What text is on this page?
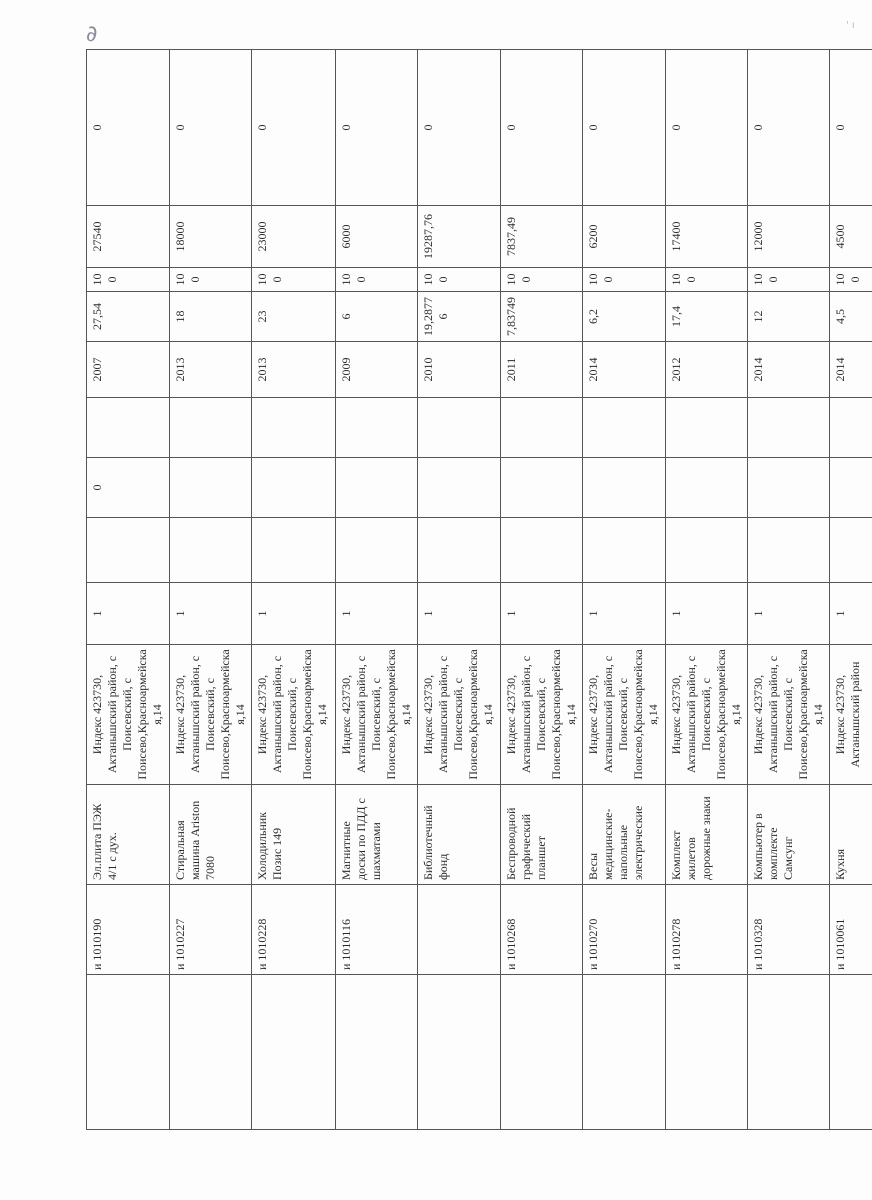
∂	' ı
	и 1010190	Эл.плита ПЭЖ 4/1 с дух.	Индекс 423730, Актанышский район, с Поисевский, с Поисево,Красноармейская,14	1		0		2007	27,54	100	27540	0
	и 1010227	Стиральная машина Ariston 7080	Индекс 423730, Актанышский район, с Поисевский, с Поисево,Красноармейская,14	1				2013	18	100	18000	0
	и 1010228	Холодильник Позис 149	Индекс 423730, Актанышский район, с Поисевский, с Поисево,Красноармейская,14	1				2013	23	100	23000	0
	и 1010116	Магнитные доски по ПДД с шахматами	Индекс 423730, Актанышский район, с Поисевский, с Поисево,Красноармейская,14	1				2009	6	100	6000	0
		Библиотечный фонд	Индекс 423730, Актанышский район, с Поисевский, с Поисево,Красноармейская,14	1				2010	19,28776	100	19287,76	0
	и 1010268	Беспроводной графический планшет	Индекс 423730, Актанышский район, с Поисевский, с Поисево,Красноармейская,14	1				2011	7,83749	100	7837,49	0
	и 1010270	Весы медицинские-напольные электрические	Индекс 423730, Актанышский район, с Поисевский, с Поисево,Красноармейская,14	1				2014	6,2	100	6200	0
	и 1010278	Комплект жилетов дорожные знаки	Индекс 423730, Актанышский район, с Поисевский, с Поисево,Красноармейская,14	1				2012	17,4	100	17400	0
	и 1010328	Компьютер в комплекте Самсунг	Индекс 423730, Актанышский район, с Поисевский, с Поисево,Красноармейская,14	1				2014	12	100	12000	0
	и 1010061	Кухня	Индекс 423730, Актанышский район	1				2014	4,5	100	4500	0
